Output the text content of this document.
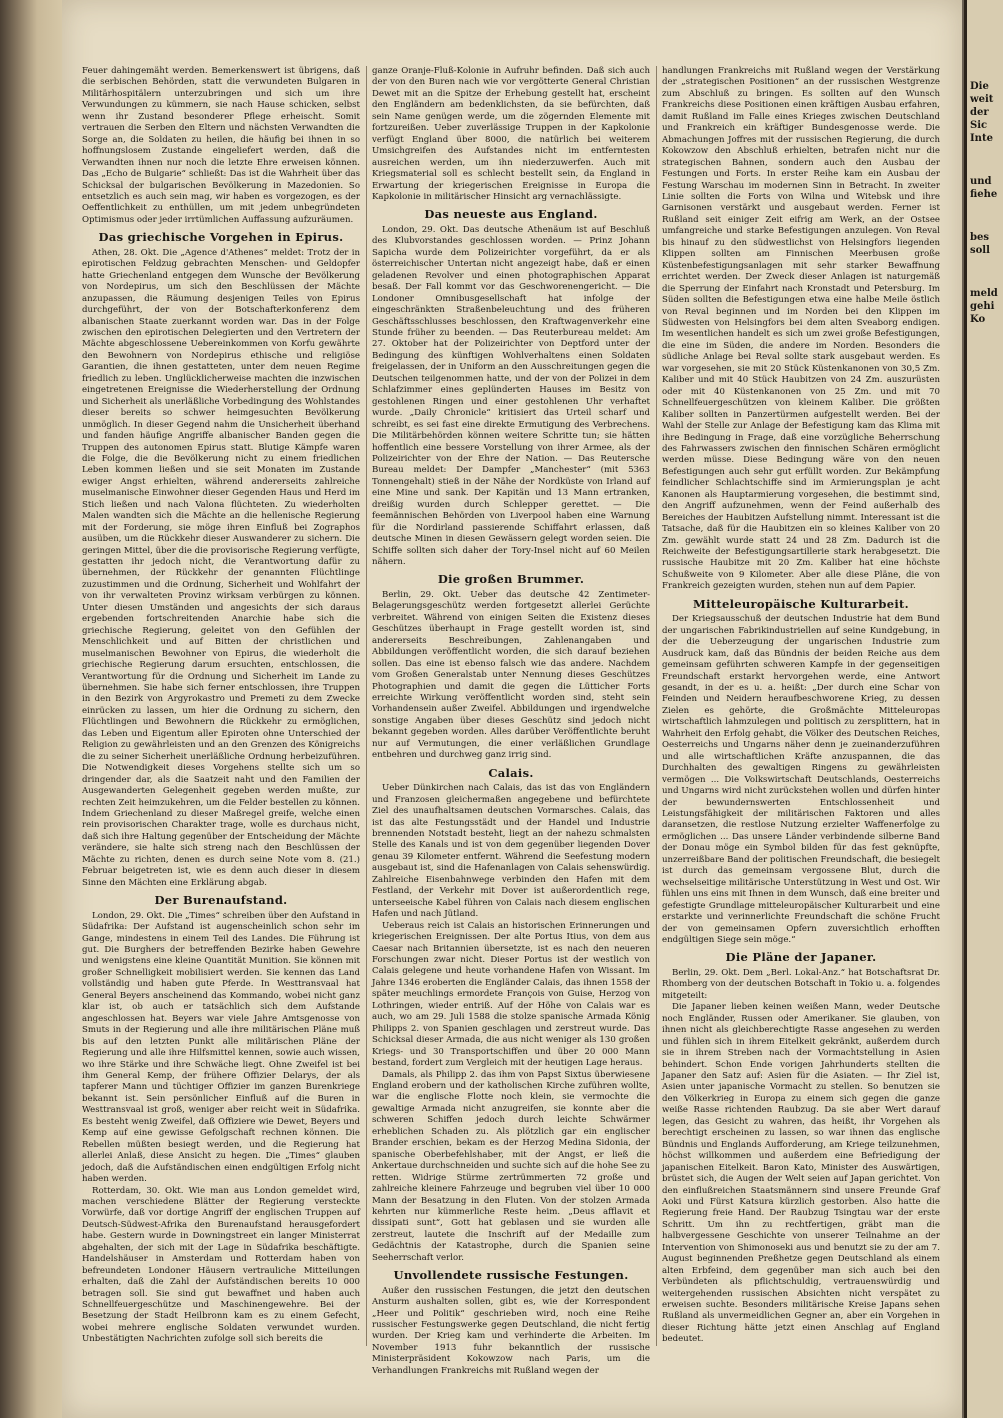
Feuer dahingemäht werden. Bemerkenswert ist übrigens, daß die serbischen Behörden, statt die verwundeten Bulgaren in Militärhospitälern unterzubringen und sich um ihre Verwundungen zu kümmern, sie nach Hause schicken, selbst wenn ihr Zustand besonderer Pflege erheischt. Somit vertrauen die Serben den Eltern und nächsten Verwandten die Sorge an, die Soldaten zu heilen, die häufig bei ihnen in so hoffnungslosem Zustande eingeliefert werden, daß die Verwandten ihnen nur noch die letzte Ehre erweisen können. Das „Echo de Bulgarie“ schließt: Das ist die Wahrheit über das Schicksal der bulgarischen Bevölkerung in Mazedonien. So entsetzlich es auch sein mag, wir haben es vorgezogen, es der Oeffentlichkeit zu enthüllen, um mit jedem unbegründeten Optimismus oder jeder irrtümlichen Auffassung aufzuräumen.

Das griechische Vorgehen in Epirus.

Athen, 28. Okt. Die „Agence d'Athenes“ meldet: Trotz der in epirotischen Feldzug gebrachten Menschen- und Geldopfer hatte Griechenland entgegen dem Wunsche der Bevölkerung von Nordepirus, um sich den Beschlüssen der Mächte anzupassen, die Räumung desjenigen Teiles von Epirus durchgeführt, der von der Botschafterkonferenz dem albanischen Staate zuerkannt worden war. Das in der Folge zwischen den epirotischen Delegierten und den Vertretern der Mächte abgeschlossene Uebereinkommen von Korfu gewährte den Bewohnern von Nordepirus ethische und religiöse Garantien, die ihnen gestatteten, unter dem neuen Regime friedlich zu leben. Unglücklicherweise machten die inzwischen eingetretenen Ereignisse die Wiederherstellung der Ordnung und Sicherheit als unerläßliche Vorbedingung des Wohlstandes dieser bereits so schwer heimgesuchten Bevölkerung unmöglich. In dieser Gegend nahm die Unsicherheit überhand und fanden häufige Angriffe albanischer Banden gegen die Truppen des autonomen Epirus statt. Blutige Kämpfe waren die Folge, die die Bevölkerung nicht zu einem friedlichen Leben kommen ließen und sie seit Monaten im Zustande ewiger Angst erhielten, während andererseits zahlreiche muselmanische Einwohner dieser Gegenden Haus und Herd im Stich ließen und nach Valona flüchteten. Zu wiederholten Malen wandten sich die Mächte an die hellenische Regierung mit der Forderung, sie möge ihren Einfluß bei Zographos ausüben, um die Rückkehr dieser Auswanderer zu sichern. Die geringen Mittel, über die die provisorische Regierung verfügte, gestatten ihr jedoch nicht, die Verantwortung dafür zu übernehmen, der Rückkehr der genannten Flüchtlinge zuzustimmen und die Ordnung, Sicherheit und Wohlfahrt der von ihr verwalteten Provinz wirksam verbürgen zu können. Unter diesen Umständen und angesichts der sich daraus ergebenden fortschreitenden Anarchie habe sich die griechische Regierung, geleitet von den Gefühlen der Menschlichkeit und auf Bitten der christlichen und muselmanischen Bewohner von Epirus, die wiederholt die griechische Regierung darum ersuchten, entschlossen, die Verantwortung für die Ordnung und Sicherheit im Lande zu übernehmen. Sie habe sich ferner entschlossen, ihre Truppen in den Bezirk von Argyrokastro und Premeti zu dem Zwecke einrücken zu lassen, um hier die Ordnung zu sichern, den Flüchtlingen und Bewohnern die Rückkehr zu ermöglichen, das Leben und Eigentum aller Epiroten ohne Unterschied der Religion zu gewährleisten und an den Grenzen des Königreichs die zu seiner Sicherheit unerläßliche Ordnung herbeizuführen. Die Notwendigkeit dieses Vorgehens stellte sich um so dringender dar, als die Saatzeit naht und den Familien der Ausgewanderten Gelegenheit gegeben werden mußte, zur rechten Zeit heimzukehren, um die Felder bestellen zu können. Indem Griechenland zu dieser Maßregel greife, welche einen rein provisorischen Charakter trage, wolle es durchaus nicht, daß sich ihre Haltung gegenüber der Entscheidung der Mächte verändere, sie halte sich streng nach den Beschlüssen der Mächte zu richten, denen es durch seine Note vom 8. (21.) Februar beigetreten ist, wie es denn auch dieser in diesem Sinne den Mächten eine Erklärung abgab.

Der Burenaufstand.

London, 29. Okt. Die „Times“ schreiben über den Aufstand in Südafrika: Der Aufstand ist augenscheinlich schon sehr im Gange, mindestens in einem Teil des Landes. Die Führung ist gut. Die Burghers der betreffenden Bezirke haben Gewehre und wenigstens eine kleine Quantität Munition. Sie können mit großer Schnelligkeit mobilisiert werden. Sie kennen das Land vollständig und haben gute Pferde. In Westtransvaal hat General Beyers anscheinend das Kommando, wobei nicht ganz klar ist, ob auch er tatsächlich sich dem Aufstande angeschlossen hat. Beyers war viele Jahre Amtsgenosse von Smuts in der Regierung und alle ihre militärischen Pläne muß bis auf den letzten Punkt alle militärischen Pläne der Regierung und alle ihre Hilfsmittel kennen, sowie auch wissen, wo ihre Stärke und ihre Schwäche liegt. Ohne Zweifel ist bei ihm General Kemp, der frühere Offizier Delarys, der als tapferer Mann und tüchtiger Offizier im ganzen Burenkriege bekannt ist. Sein persönlicher Einfluß auf die Buren in Westtransvaal ist groß, weniger aber reicht weit in Südafrika. Es besteht wenig Zweifel, daß Offiziere wie Dewet, Beyers und Kemp auf eine gewisse Gefolgschaft rechnen können. Die Rebellen müßten besiegt werden, und die Regierung hat allerlei Anlaß, diese Ansicht zu hegen. Die „Times“ glauben jedoch, daß die Aufständischen einen endgültigen Erfolg nicht haben werden.

Rotterdam, 30. Okt. Wie man aus London gemeldet wird, machen verschiedene Blätter der Regierung versteckte Vorwürfe, daß vor dortige Angriff der englischen Truppen auf Deutsch-Südwest-Afrika den Burenaufstand herausgefordert habe. Gestern wurde in Downingstreet ein langer Ministerrat abgehalten, der sich mit der Lage in Südafrika beschäftigte. Handelshäuser in Amsterdam und Rotterdam haben von befreundeten Londoner Häusern vertrauliche Mitteilungen erhalten, daß die Zahl der Aufständischen bereits 10 000 betragen soll. Sie sind gut bewaffnet und haben auch Schnellfeuergeschütze und Maschinengewehre. Bei der Besetzung der Stadt Heilbronn kam es zu einem Gefecht, wobei mehrere englische Soldaten verwundet wurden. Unbestätigten Nachrichten zufolge soll sich bereits die

ganze Oranje-Fluß-Kolonie in Aufruhr befinden. Daß sich auch der von den Buren nach wie vor vergötterte General Christian Dewet mit an die Spitze der Erhebung gestellt hat, erscheint den Engländern am bedenklichsten, da sie befürchten, daß sein Name genügen werde, um die zögernden Elemente mit fortzureißen. Ueber zuverlässige Truppen in der Kapkolonie verfügt England über 8000, die natürlich bei weiterem Umsichgreifen des Aufstandes nicht im entferntesten ausreichen werden, um ihn niederzuwerfen. Auch mit Kriegsmaterial soll es schlecht bestellt sein, da England in Erwartung der kriegerischen Ereignisse in Europa die Kapkolonie in militärischer Hinsicht arg vernachlässigte.

Das neueste aus England.

London, 29. Okt. Das deutsche Athenäum ist auf Beschluß des Klubvorstandes geschlossen worden. — Prinz Johann Sapicha wurde dem Polizeirichter vorgeführt, da er als österreichischer Untertan nicht angezeigt habe, daß er einen geladenen Revolver und einen photographischen Apparat besaß. Der Fall kommt vor das Geschworenengericht. — Die Londoner Omnibusgesellschaft hat infolge der eingeschränkten Straßenbeleuchtung und des früheren Geschäftsschlusses beschlossen, den Kraftwagenverkehr eine Stunde früher zu beenden. — Das Reuterbureau meldet: Am 27. Oktober hat der Polizeirichter von Deptford unter der Bedingung des künftigen Wohlverhaltens einen Soldaten freigelassen, der in Uniform an den Ausschreitungen gegen die Deutschen teilgenommen hatte, und der von der Polizei in dem Schlafzimmer eines geplünderten Hauses im Besitz von gestohlenen Ringen und einer gestohlenen Uhr verhaftet wurde. „Daily Chronicle“ kritisiert das Urteil scharf und schreibt, es sei fast eine direkte Ermutigung des Verbrechens. Die Militärbehörden können weitere Schritte tun; sie hätten hoffentlich eine bessere Vorstellung von ihrer Armee, als der Polizeirichter von der Ehre der Nation. — Das Reutersche Bureau meldet: Der Dampfer „Manchester“ (mit 5363 Tonnengehalt) stieß in der Nähe der Nordküste von Irland auf eine Mine und sank. Der Kapitän und 13 Mann ertranken, dreißig wurden durch Schlepper gerettet. — Die feemännischen Behörden von Liverpool haben eine Warnung für die Nordirland passierende Schiffahrt erlassen, daß deutsche Minen in diesen Gewässern gelegt worden seien. Die Schiffe sollten sich daher der Tory-Insel nicht auf 60 Meilen nähern.

Die großen Brummer.

Berlin, 29. Okt. Ueber das deutsche 42 Zentimeter-Belagerungsgeschütz werden fortgesetzt allerlei Gerüchte verbreitet. Während von einigen Seiten die Existenz dieses Geschützes überhaupt in Frage gestellt worden ist, sind andererseits Beschreibungen, Zahlenangaben und Abbildungen veröffentlicht worden, die sich darauf beziehen sollen. Das eine ist ebenso falsch wie das andere. Nachdem vom Großen Generalstab unter Nennung dieses Geschützes Photographien und damit die gegen die Lütticher Forts erreichte Wirkung veröffentlicht worden sind, steht sein Vorhandensein außer Zweifel. Abbildungen und irgendwelche sonstige Angaben über dieses Geschütz sind jedoch nicht bekannt gegeben worden. Alles darüber Veröffentlichte beruht nur auf Vermutungen, die einer verläßlichen Grundlage entbehren und durchweg ganz irrig sind.

Calais.

Ueber Dünkirchen nach Calais, das ist das von Engländern und Franzosen gleichermaßen angegebene und befürchtete Ziel des unaufhaltsamen deutschen Vormarsches. Calais, das ist das alte Festungsstädt und der Handel und Industrie brennenden Notstadt besteht, liegt an der nahezu schmalsten Stelle des Kanals und ist von dem gegenüber liegenden Dover genau 39 Kilometer entfernt. Während die Seefestung modern ausgebaut ist, sind die Hafenanlagen von Calais sehenswürdig. Zahlreiche Eisenbahnwege verbinden den Hafen mit dem Festland, der Verkehr mit Dover ist außerordentlich rege, unterseeische Kabel führen von Calais nach diesem englischen Hafen und nach Jütland.

Ueberaus reich ist Calais an historischen Erinnerungen und kriegerischen Ereignissen. Der alte Portus Itius, von dem aus Caesar nach Britannien übersetzte, ist es nach den neueren Forschungen zwar nicht. Dieser Portus ist der westlich von Calais gelegene und heute vorhandene Hafen von Wissant. Im Jahre 1346 eroberten die Engländer Calais, das ihnen 1558 der später meuchlings ermordete François von Guise, Herzog von Lothringen, wieder entriß. Auf der Höhe von Calais war es auch, wo am 29. Juli 1588 die stolze spanische Armada König Philipps 2. von Spanien geschlagen und zerstreut wurde. Das Schicksal dieser Armada, die aus nicht weniger als 130 großen Kriegs- und 30 Transportschiffen und über 20 000 Mann bestand, fordert zum Vergleich mit der heutigen Lage heraus.

Damals, als Philipp 2. das ihm von Papst Sixtus überwiesene England erobern und der katholischen Kirche zuführen wollte, war die englische Flotte noch klein, sie vermochte die gewaltige Armada nicht anzugreifen, sie konnte aber die schweren Schiffen jedoch durch leichte Schwärmer erheblichen Schaden zu. Als plötzlich gar ein englischer Brander erschien, bekam es der Herzog Medina Sidonia, der spanische Oberbefehlshaber, mit der Angst, er ließ die Ankertaue durchschneiden und suchte sich auf die hohe See zu retten. Widrige Stürme zertrümmerten 72 große und zahlreiche kleinere Fahrzeuge und begruben viel über 10 000 Mann der Besatzung in den Fluten. Von der stolzen Armada kehrten nur kümmerliche Reste heim. „Deus afflavit et dissipati sunt“, Gott hat geblasen und sie wurden alle zerstreut, lautete die Inschrift auf der Medaille zum Gedächtnis der Katastrophe, durch die Spanien seine Seeherrschaft verlor.

Unvollendete russische Festungen.

Außer den russischen Festungen, die jetzt den deutschen Ansturm aushalten sollen, gibt es, wie der Korrespondent „Heer und Politik“ geschrieben wird, noch eine Reihe russischer Festungswerke gegen Deutschland, die nicht fertig wurden. Der Krieg kam und verhinderte die Arbeiten. Im November 1913 fuhr bekanntlich der russische Ministerpräsident Kokowzow nach Paris, um die Verhandlungen Frankreichs mit Rußland wegen der

handlungen Frankreichs mit Rußland wegen der Verstärkung der „strategischen Positionen“ an der russischen Westgrenze zum Abschluß zu bringen. Es sollten auf den Wunsch Frankreichs diese Positionen einen kräftigen Ausbau erfahren, damit Rußland im Falle eines Krieges zwischen Deutschland und Frankreich ein kräftiger Bundesgenosse werde. Die Abmachungen Joffres mit der russischen Regierung, die durch Kokowzow den Abschluß erhielten, betrafen nicht nur die strategischen Bahnen, sondern auch den Ausbau der Festungen und Forts. In erster Reihe kam ein Ausbau der Festung Warschau im modernen Sinn in Betracht. In zweiter Linie sollten die Forts von Wilna und Witebsk und ihre Garnisonen verstärkt und ausgebaut werden. Ferner ist Rußland seit einiger Zeit eifrig am Werk, an der Ostsee umfangreiche und starke Befestigungen anzulegen. Von Reval bis hinauf zu den südwestlichst von Helsingfors liegenden Klippen sollten am Finnischen Meerbusen große Küstenbefestigungsanlagen mit sehr starker Bewaffnung errichtet werden. Der Zweck dieser Anlagen ist naturgemäß die Sperrung der Einfahrt nach Kronstadt und Petersburg. Im Süden sollten die Befestigungen etwa eine halbe Meile östlich von Reval beginnen und im Norden bei den Klippen im Südwesten von Helsingfors bei dem alten Sveaborg endigen. Im wesentlichen handelt es sich um zwei große Befestigungen, die eine im Süden, die andere im Norden. Besonders die südliche Anlage bei Reval sollte stark ausgebaut werden. Es war vorgesehen, sie mit 20 Stück Küstenkanonen von 30,5 Zm. Kaliber und mit 40 Stück Haubitzen von 24 Zm. auszurüsten oder mit 40 Küstenkanonen von 25 Zm. und mit 70 Schnellfeuergeschützen von kleinem Kaliber. Die größten Kaliber sollten in Panzertürmen aufgestellt werden. Bei der Wahl der Stelle zur Anlage der Befestigung kam das Klima mit ihre Bedingung in Frage, daß eine vorzügliche Beherrschung des Fahrwassers zwischen den finnischen Schären ermöglicht werden müsse. Diese Bedingung wäre von den neuen Befestigungen auch sehr gut erfüllt worden. Zur Bekämpfung feindlicher Schlachtschiffe sind im Armierungsplan je acht Kanonen als Hauptarmierung vorgesehen, die bestimmt sind, den Angriff aufzunehmen, wenn der Feind außerhalb des Bereiches der Haubitzen Aufstellung nimmt. Interessant ist die Tatsache, daß für die Haubitzen ein so kleines Kaliber von 20 Zm. gewählt wurde statt 24 und 28 Zm. Dadurch ist die Reichweite der Befestigungsartillerie stark herabgesetzt. Die russische Haubitze mit 20 Zm. Kaliber hat eine höchste Schußweite von 9 Kilometer. Aber alle diese Pläne, die von Frankreich gezeigten wurden, stehen nun auf dem Papier.

Mitteleuropäische Kulturarbeit.

Der Kriegsausschuß der deutschen Industrie hat dem Bund der ungarischen Fabrikindustriellen auf seine Kundgebung, in der die Ueberzeugung der ungarischen Industrie zum Ausdruck kam, daß das Bündnis der beiden Reiche aus dem gemeinsam geführten schweren Kampfe in der gegenseitigen Freundschaft erstarkt hervorgehen werde, eine Antwort gesandt, in der es u. a. heißt: „Der durch eine Schar von Feinden und Neidern heraufbeschworene Krieg, zu dessen Zielen es gehörte, die Großmächte Mitteleuropas wirtschaftlich lahmzulegen und politisch zu zersplittern, hat in Wahrheit den Erfolg gehabt, die Völker des Deutschen Reiches, Oesterreichs und Ungarns näher denn je zueinanderzuführen und alle wirtschaftlichen Kräfte anzuspannen, die das Durchhalten des gewaltigen Ringens zu gewährleisten vermögen ... Die Volkswirtschaft Deutschlands, Oesterreichs und Ungarns wird nicht zurückstehen wollen und dürfen hinter der bewundernswerten Entschlossenheit und Leistungsfähigkeit der militärischen Faktoren und alles daransetzen, die restlose Nutzung erzielter Waffenerfolge zu ermöglichen ... Das unsere Länder verbindende silberne Band der Donau möge ein Symbol bilden für das fest geknüpfte, unzerreißbare Band der politischen Freundschaft, die besiegelt ist durch das gemeinsam vergossene Blut, durch die wechselseitige militärische Unterstützung in West und Ost. Wir fühlen uns eins mit Ihnen in dem Wunsch, daß eine breiter und gefestigte Grundlage mitteleuropäischer Kulturarbeit und eine erstarkte und verinnerlichte Freundschaft die schöne Frucht der von gemeinsamen Opfern zuversichtlich erhofften endgültigen Siege sein möge.“

Die Pläne der Japaner.

Berlin, 29. Okt. Dem „Berl. Lokal-Anz.“ hat Botschaftsrat Dr. Rhomberg von der deutschen Botschaft in Tokio u. a. folgendes mitgeteilt:

Die Japaner lieben keinen weißen Mann, weder Deutsche noch Engländer, Russen oder Amerikaner. Sie glauben, von ihnen nicht als gleichberechtigte Rasse angesehen zu werden und fühlen sich in ihrem Eitelkeit gekränkt, außerdem durch sie in ihrem Streben nach der Vormachtstellung in Asien behindert. Schon Ende vorigen Jahrhunderts stellten die Japaner den Satz auf: Asien für die Asiaten. — Ihr Ziel ist, Asien unter japanische Vormacht zu stellen. So benutzen sie den Völkerkrieg in Europa zu einem sich gegen die ganze weiße Rasse richtenden Raubzug. Da sie aber Wert darauf legen, das Gesicht zu wahren, das heißt, ihr Vorgehen als berechtigt erscheinen zu lassen, so war ihnen das englische Bündnis und Englands Aufforderung, am Kriege teilzunehmen, höchst willkommen und außerdem eine Befriedigung der japanischen Eitelkeit. Baron Kato, Minister des Auswärtigen, brüstet sich, die Augen der Welt seien auf Japan gerichtet. Von den einflußreichen Staatsmännern sind unsere Freunde Graf Aoki und Fürst Katsura kürzlich gestorben. Also hatte die Regierung freie Hand. Der Raubzug Tsingtau war der erste Schritt. Um ihn zu rechtfertigen, gräbt man die halbvergessene Geschichte von unserer Teilnahme an der Intervention von Shimonoseki aus und benutzt sie zu der am 7. August beginnenden Preßhetze gegen Deutschland als einem alten Erbfeind, dem gegenüber man sich auch bei den Verbündeten als pflichtschuldig, vertrauenswürdig und weitergehenden russischen Absichten nicht verspätet zu erweisen suchte. Besonders militärische Kreise Japans sehen Rußland als unvermeidlichen Gegner an, aber ein Vorgehen in dieser Richtung hätte jetzt einen Anschlag auf England bedeutet.

Die
weit
der
Sic
Inte
und
fiehe
bes
soll
meld
gehi
Ko
